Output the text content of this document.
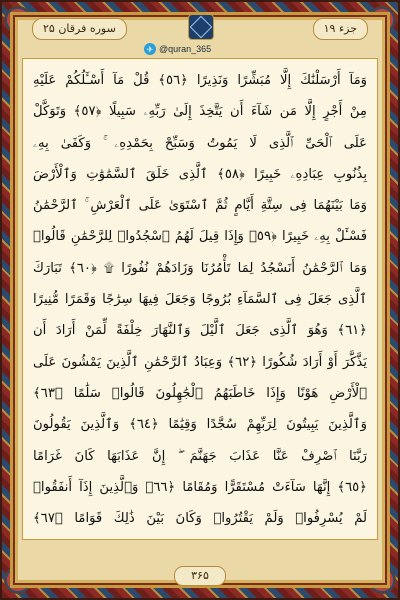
جزء ۱۹
سوره فرقان ۲۵
✈ @quran_365
وَمَآ أَرْسَلْنَٰكَ إِلَّا مُبَشِّرًا وَنَذِيرًا ﴿٥٦﴾ قُلْ مَآ أَسْـَٔلُكُمْ عَلَيْهِ
مِنْ أَجْرٍ إِلَّا مَن شَآءَ أَن يَتَّخِذَ إِلَىٰ رَبِّهِۦ سَبِيلًا ﴿٥٧﴾ وَتَوَكَّلْ
عَلَى ٱلْحَىِّ ٱلَّذِى لَا يَمُوتُ وَسَبِّحْ بِحَمْدِهِۦ ۚ وَكَفَىٰ بِهِۦ
بِذُنُوبِ عِبَادِهِۦ خَبِيرًا ﴿٥٨﴾ ٱلَّذِى خَلَقَ ٱلسَّمَٰوَٰتِ وَٱلْأَرْضَ
وَمَا بَيْنَهُمَا فِى سِتَّةِ أَيَّامٍ ثُمَّ ٱسْتَوَىٰ عَلَى ٱلْعَرْشِ ۚ ٱلرَّحْمَٰنُ
فَسْـَٔلْ بِهِۦ خَبِيرًا ﴿٥٩﴾ وَإِذَا قِيلَ لَهُمُ ٱسْجُدُوا۟ لِلرَّحْمَٰنِ قَالُوا۟
وَمَا ٱلرَّحْمَٰنُ أَنَسْجُدُ لِمَا تَأْمُرُنَا وَزَادَهُمْ نُفُورًا ۩ ﴿٦٠﴾ تَبَارَكَ
ٱلَّذِى جَعَلَ فِى ٱلسَّمَآءِ بُرُوجًا وَجَعَلَ فِيهَا سِرَٰجًا وَقَمَرًا مُّنِيرًا
﴿٦١﴾ وَهُوَ ٱلَّذِى جَعَلَ ٱلَّيْلَ وَٱلنَّهَارَ خِلْفَةً لِّمَنْ أَرَادَ أَن
يَذَّكَّرَ أَوْ أَرَادَ شُكُورًا ﴿٦٢﴾ وَعِبَادُ ٱلرَّحْمَٰنِ ٱلَّذِينَ يَمْشُونَ عَلَى
ٱلْأَرْضِ هَوْنًا وَإِذَا خَاطَبَهُمُ ٱلْجَٰهِلُونَ قَالُوا۟ سَلَٰمًا ﴿٦٣﴾
وَٱلَّذِينَ يَبِيتُونَ لِرَبِّهِمْ سُجَّدًا وَقِيَٰمًا ﴿٦٤﴾ وَٱلَّذِينَ يَقُولُونَ
رَبَّنَا ٱصْرِفْ عَنَّا عَذَابَ جَهَنَّمَ ۖ إِنَّ عَذَابَهَا كَانَ غَرَامًا
﴿٦٥﴾ إِنَّهَا سَآءَتْ مُسْتَقَرًّا وَمُقَامًا ﴿٦٦﴾ وَٱلَّذِينَ إِذَآ أَنفَقُوا۟
لَمْ يُسْرِفُوا۟ وَلَمْ يَقْتُرُوا۟ وَكَانَ بَيْنَ ذَٰلِكَ قَوَامًا ﴿٦٧﴾
۳۶۵
